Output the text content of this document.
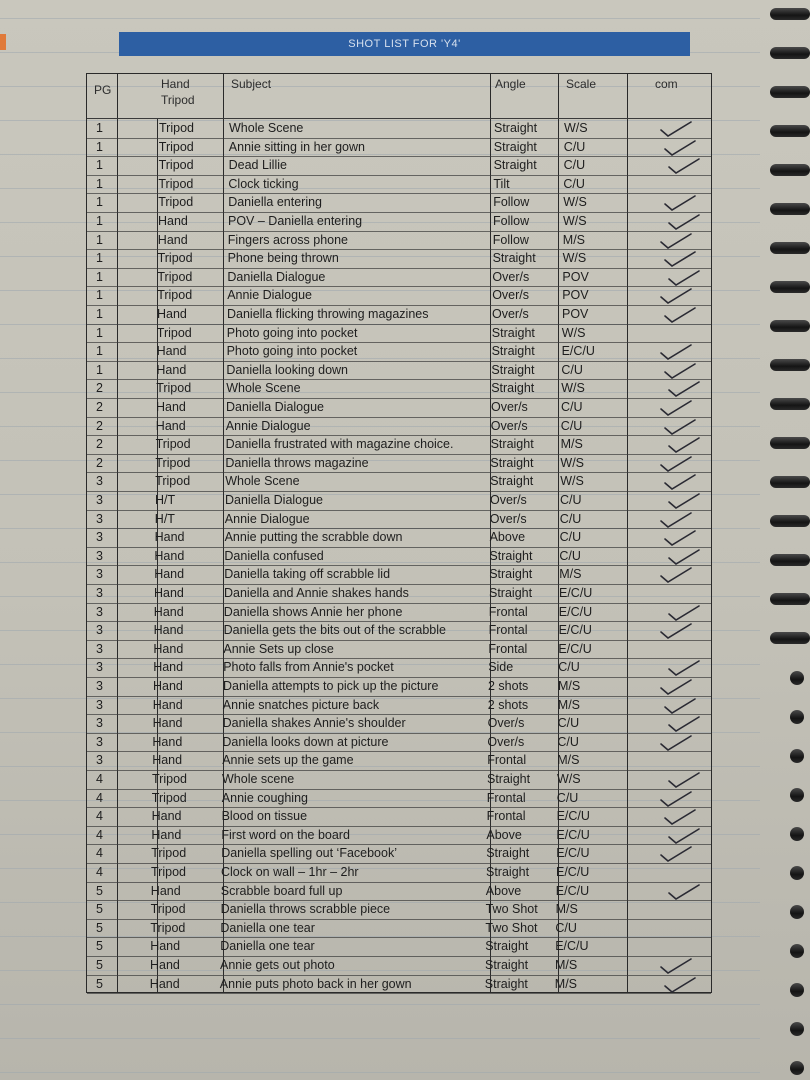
SHOT LIST FOR 'Y4'
PG	Hand
Tripod
Subject	Angle	Scale	com
1	Tripod	Whole Scene	Straight W/S
1	Tripod	Annie sitting in her gown	Straight C/U
1	Tripod	Dead Lillie	Straight C/U
1	Tripod	Clock ticking	Tilt	C/U
1	Tripod	Daniella entering	Follow	W/S
1	Hand	POV – Daniella entering	Follow	W/S
1	Hand	Fingers across phone	Follow	M/S
1	Tripod	Phone being thrown	Straight W/S
1	Tripod	Daniella Dialogue	Over/s	POV
1	Tripod	Annie Dialogue	Over/s	POV
1	Hand	Daniella flicking throwing magazines	Over/s	POV
1	Tripod	Photo going into pocket	Straight W/S
1	Hand	Photo going into pocket	Straight E/C/U
1	Hand	Daniella looking down	Straight C/U
2	Tripod	Whole Scene	Straight W/S
2	Hand	Daniella Dialogue	Over/s	C/U
2	Hand	Annie Dialogue	Over/s	C/U
2	Tripod	Daniella frustrated with magazine choice.	Straight M/S
2	Tripod	Daniella throws magazine	Straight W/S
3	Tripod	Whole Scene	Straight W/S
3	H/T	Daniella Dialogue	Over/s	C/U
3	H/T	Annie Dialogue	Over/s	C/U
3	Hand	Annie putting the scrabble down	Above	C/U
3	Hand	Daniella confused	Straight C/U
3	Hand	Daniella taking off scrabble lid	Straight M/S
3	Hand	Daniella and Annie shakes hands	Straight E/C/U
3	Hand	Daniella shows Annie her phone	Frontal E/C/U
3	Hand	Daniella gets the bits out of the scrabble	Frontal E/C/U
3	Hand	Annie Sets up close	Frontal E/C/U
3	Hand	Photo falls from Annie's pocket	Side	C/U
3	Hand	Daniella attempts to pick up the picture	2 shots M/S
3	Hand	Annie snatches picture back	2 shots M/S
3	Hand	Daniella shakes Annie's shoulder	Over/s	C/U
3	Hand	Daniella looks down at picture	Over/s	C/U
3	Hand	Annie sets up the game	Frontal M/S
4	Tripod	Whole scene	Straight W/S
4	Tripod	Annie coughing	Frontal C/U
4	Hand	Blood on tissue	Frontal E/C/U
4	Hand	First word on the board	Above	E/C/U
4	Tripod	Daniella spelling out ‘Facebook’	Straight E/C/U
4	Tripod	Clock on wall – 1hr – 2hr	Straight E/C/U
5	Hand	Scrabble board full up	Above	E/C/U
5	Tripod	Daniella throws scrabble piece	Two Shot M/S
5	Tripod	Daniella one tear	Two Shot C/U
5	Hand	Daniella one tear	Straight E/C/U
5	Hand	Annie gets out photo	Straight M/S
5	Hand	Annie puts photo back in her gown	Straight M/S
